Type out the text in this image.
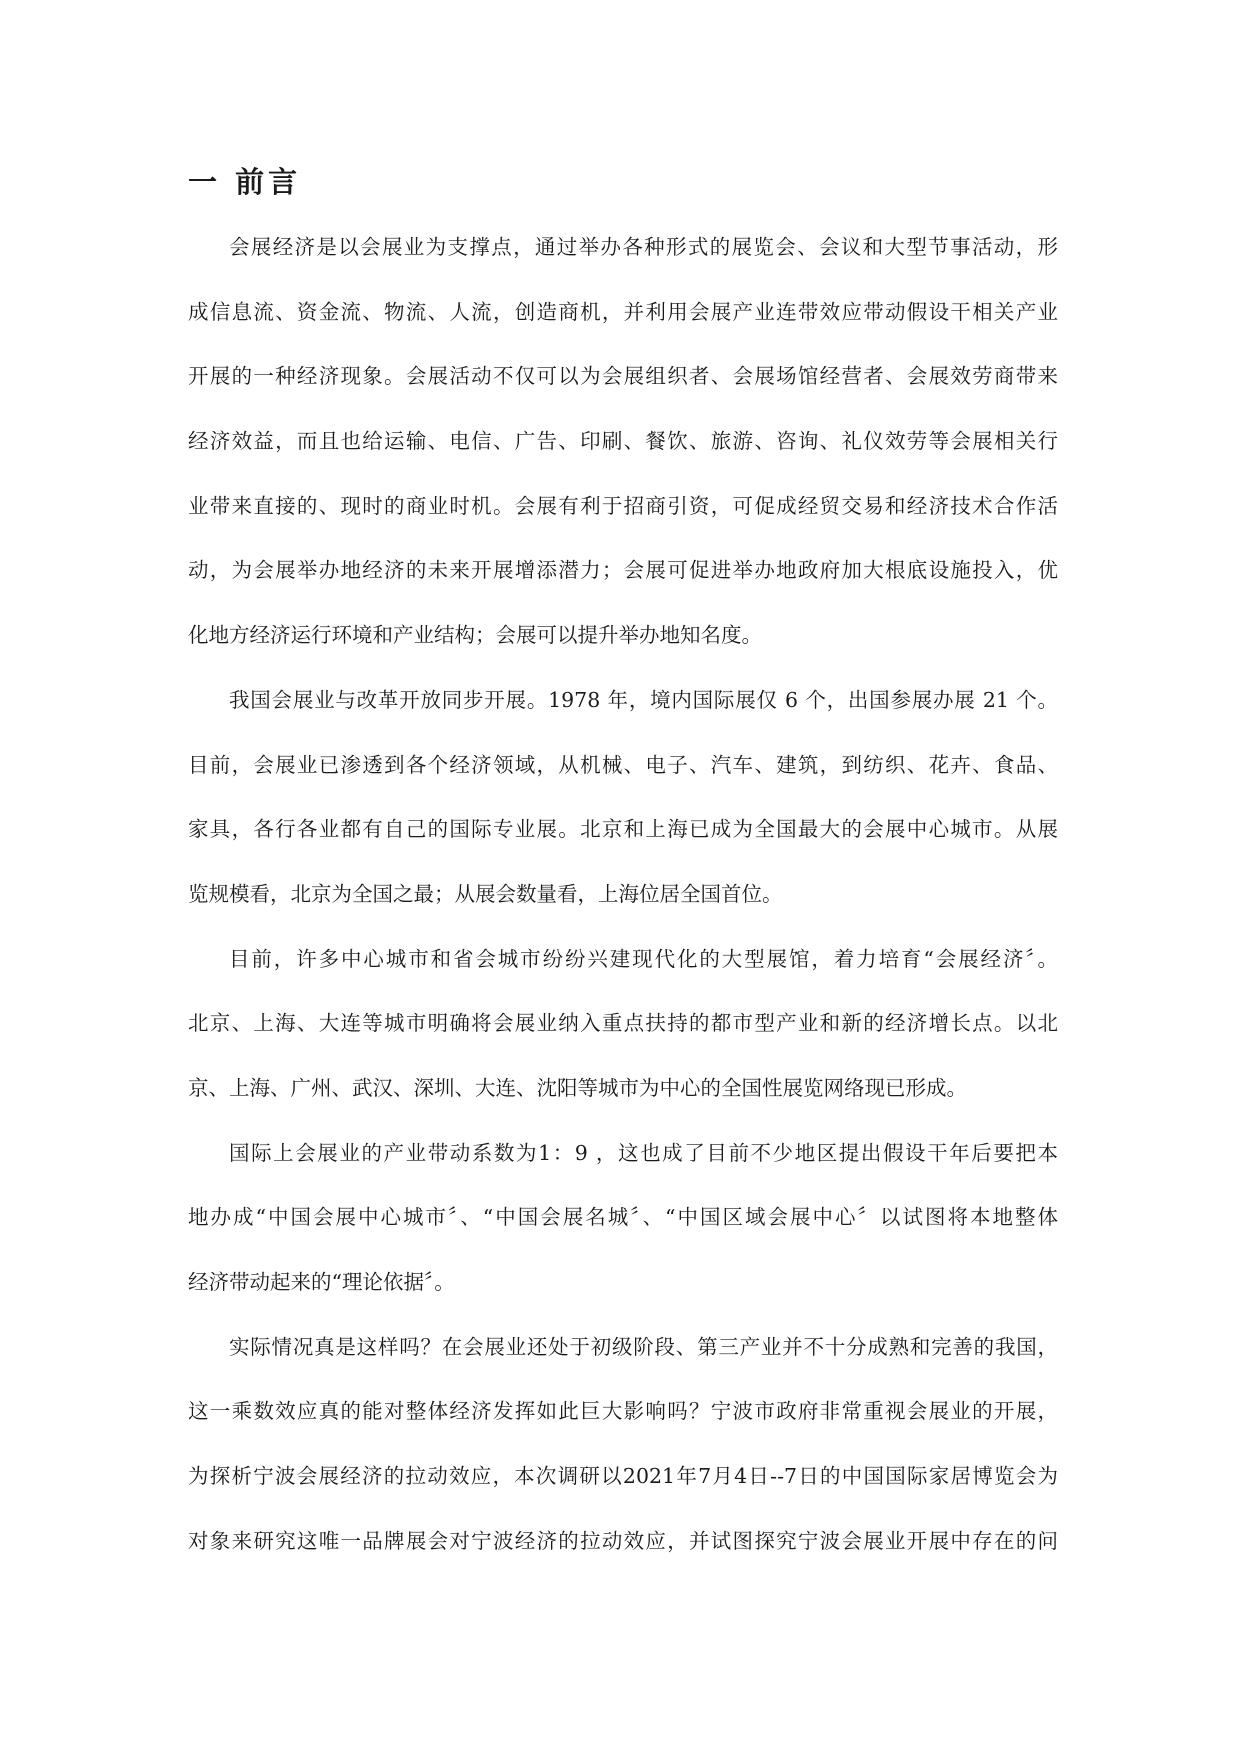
一 前言
会展经济是以会展业为支撑点，通过举办各种形式的展览会、会议和大型节事活动，形
成信息流、资金流、物流、人流，创造商机，并利用会展产业连带效应带动假设干相关产业
开展的一种经济现象。会展活动不仅可以为会展组织者、会展场馆经营者、会展效劳商带来
经济效益，而且也给运输、电信、广告、印刷、餐饮、旅游、咨询、礼仪效劳等会展相关行
业带来直接的、现时的商业时机。会展有利于招商引资，可促成经贸交易和经济技术合作活
动，为会展举办地经济的未来开展增添潜力；会展可促进举办地政府加大根底设施投入，优
化地方经济运行环境和产业结构；会展可以提升举办地知名度。
我国会展业与改革开放同步开展。1978 年，境内国际展仅 6 个，出国参展办展 21 个。
目前，会展业已渗透到各个经济领域，从机械、电子、汽车、建筑，到纺织、花卉、食品、
家具，各行各业都有自己的国际专业展。北京和上海已成为全国最大的会展中心城市。从展
览规模看，北京为全国之最；从展会数量看，上海位居全国首位。
目前，许多中心城市和省会城市纷纷兴建现代化的大型展馆，着力培育“会展经济〞。
北京、上海、大连等城市明确将会展业纳入重点扶持的都市型产业和新的经济增长点。以北
京、上海、广州、武汉、深圳、大连、沈阳等城市为中心的全国性展览网络现已形成。
国际上会展业的产业带动系数为1：9 ，这也成了目前不少地区提出假设干年后要把本
地办成“中国会展中心城市〞、“中国会展名城〞、“中国区域会展中心〞以试图将本地整体
经济带动起来的“理论依据〞。
实际情况真是这样吗？在会展业还处于初级阶段、第三产业并不十分成熟和完善的我国，
这一乘数效应真的能对整体经济发挥如此巨大影响吗？宁波市政府非常重视会展业的开展，
为探析宁波会展经济的拉动效应，本次调研以2021年7月4日--7日的中国国际家居博览会为
对象来研究这唯一品牌展会对宁波经济的拉动效应，并试图探究宁波会展业开展中存在的问
